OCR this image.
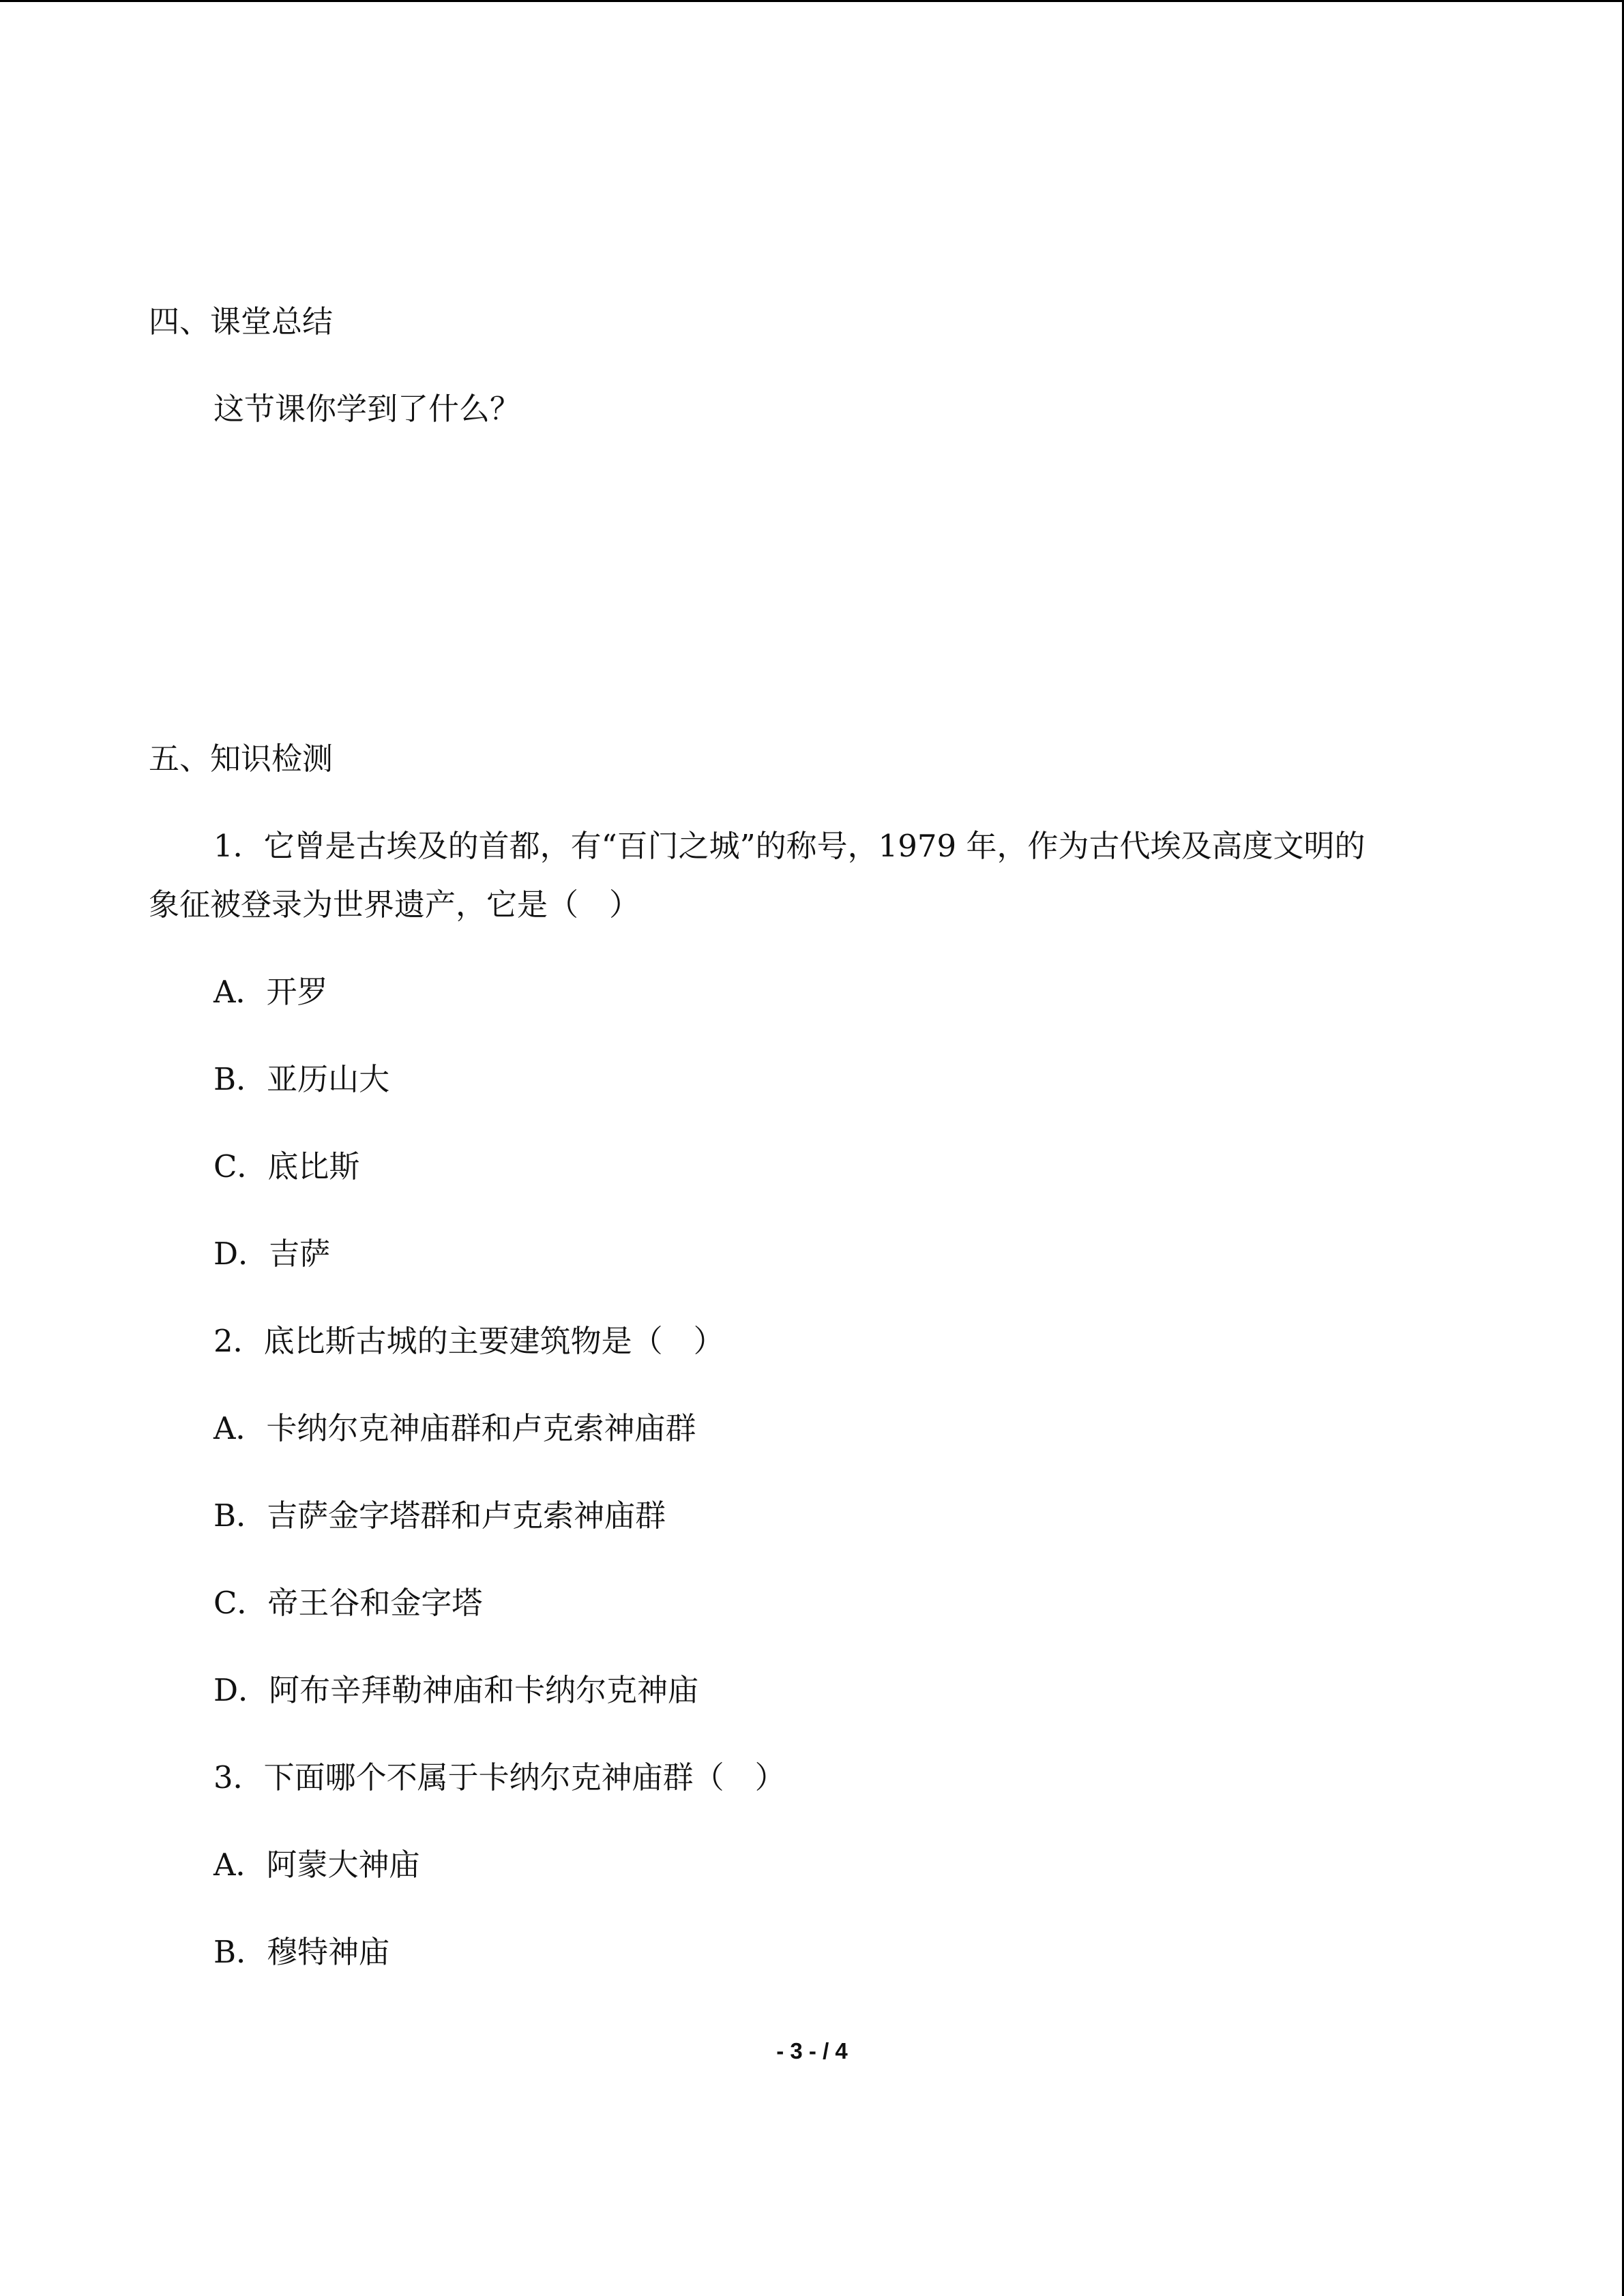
四、课堂总结
这节课你学到了什么？
五、知识检测
1．它曾是古埃及的首都，有“百门之城”的称号，1979 年，作为古代埃及高度文明的
象征被登录为世界遗产，它是（　）
A．开罗
B．亚历山大
C．底比斯
D．吉萨
2．底比斯古城的主要建筑物是（　）
A．卡纳尔克神庙群和卢克索神庙群
B．吉萨金字塔群和卢克索神庙群
C．帝王谷和金字塔
D．阿布辛拜勒神庙和卡纳尔克神庙
3．下面哪个不属于卡纳尔克神庙群（　）
A．阿蒙大神庙
B．穆特神庙
- 3 - / 4
